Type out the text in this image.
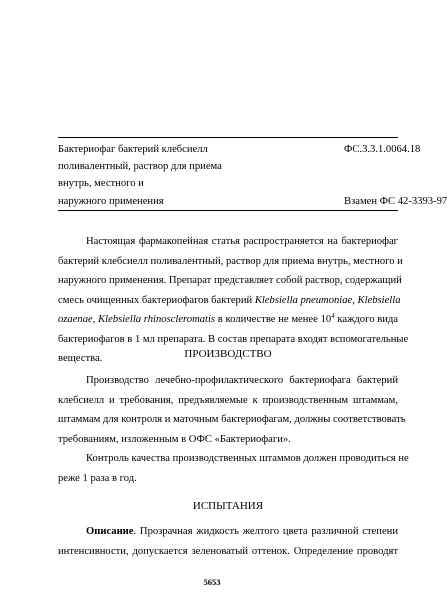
Бактериофаг бактерий клебсиелл	ФС.3.3.1.0064.18
поливалентный, раствор для приема
внутрь, местного и
наружного применения	Взамен ФС 42-3393-97
Настоящая фармакопейная статья распространяется на бактериофаг
бактерий клебсиелл поливалентный, раствор для приема внутрь, местного и
наружного применения. Препарат представляет собой раствор, содержащий
смесь очищенных бактериофагов бактерий Klebsiella pneumoniae, Klebsiella
ozaenae, Klebsiella rhinoscleromatis в количестве не менее $10^4$ каждого вида
бактериофагов в 1 мл препарата. В состав препарата входят вспомогательные
вещества.	ПРОИЗВОДСТВО
Производство лечебно-профилактического бактериофага бактерий
клебсиелл и требования, предъявляемые к производственным штаммам,
штаммам для контроля и маточным бактериофагам, должны соответствовать
требованиям, изложенным в ОФС «Бактериофаги».
Контроль качества производственных штаммов должен проводиться не
реже 1 раза в год.
ИСПЫТАНИЯ
Описание. Прозрачная жидкость желтого цвета различной степени
интенсивности, допускается зеленоватый оттенок. Определение проводят
5653
